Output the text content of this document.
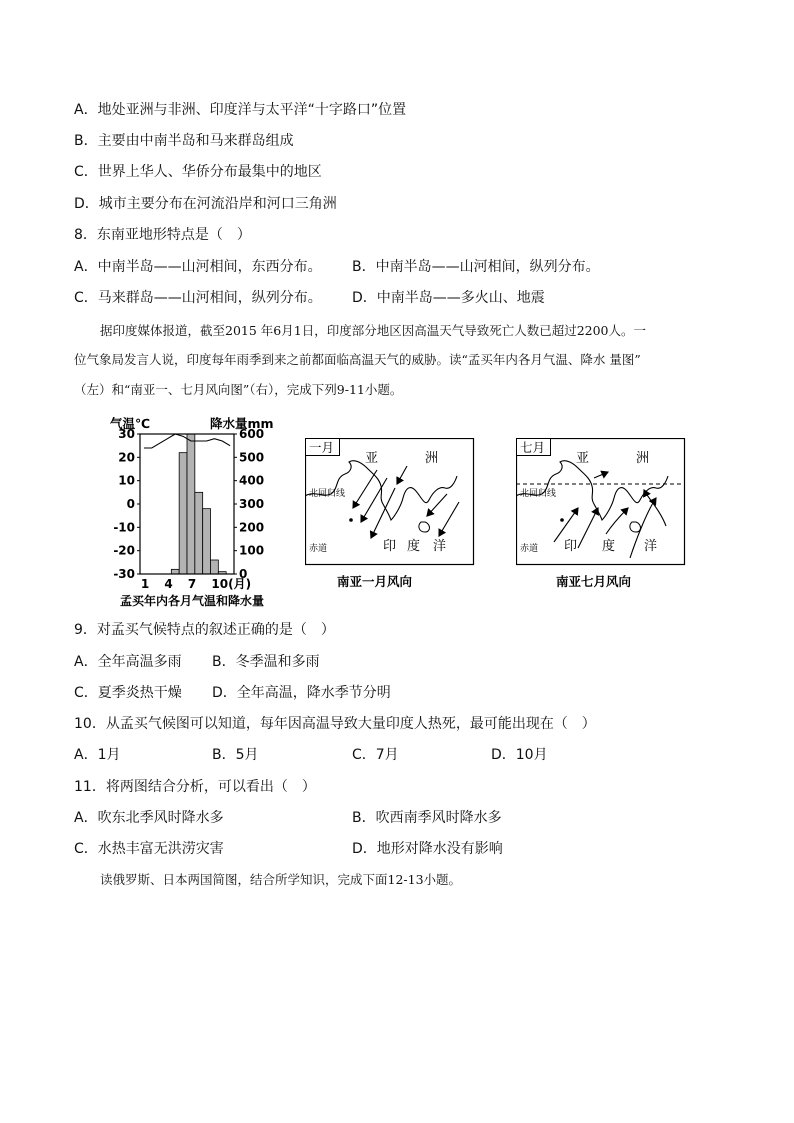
A．地处亚洲与非洲、印度洋与太平洋“十字路口”位置
B．主要由中南半岛和马来群岛组成
C．世界上华人、华侨分布最集中的地区
D．城市主要分布在河流沿岸和河口三角洲
8．东南亚地形特点是（　）
A．中南半岛——山河相间，东西分布。 B．中南半岛——山河相间，纵列分布。
C．马来群岛——山河相间，纵列分布。 D．中南半岛——多火山、地震
据印度媒体报道，截至2015 年6月1日，印度部分地区因高温天气导致死亡人数已超过2200人。一
位气象局发言人说，印度每年雨季到来之前都面临高温天气的威胁。读“孟买年内各月气温、降水 量图”
（左）和“南亚一、七月风向图”（右），完成下列9-11小题。
气温℃	降水量mm
30
20
10
0
-10
-20
-30
600
500
400
300
200
100
0
1 4 7 10(月)
孟买年内各月气温和降水量
一月
亚	洲
北回归线
赤道	印 度 洋
南亚一月风向
七月
亚	洲
北回归线
赤道 印 度 洋
南亚七月风向
9．对孟买气候特点的叙述正确的是（　）
A．全年高温多雨 B．冬季温和多雨
C．夏季炎热干燥 D．全年高温，降水季节分明
10．从孟买气候图可以知道，每年因高温导致大量印度人热死，最可能出现在（　）
A．1月	B．5月	C．7月	D．10月
11．将两图结合分析，可以看出（　）
A．吹东北季风时降水多	B．吹西南季风时降水多
C．水热丰富无洪涝灾害	D．地形对降水没有影响
读俄罗斯、日本两国简图，结合所学知识，完成下面12-13小题。
